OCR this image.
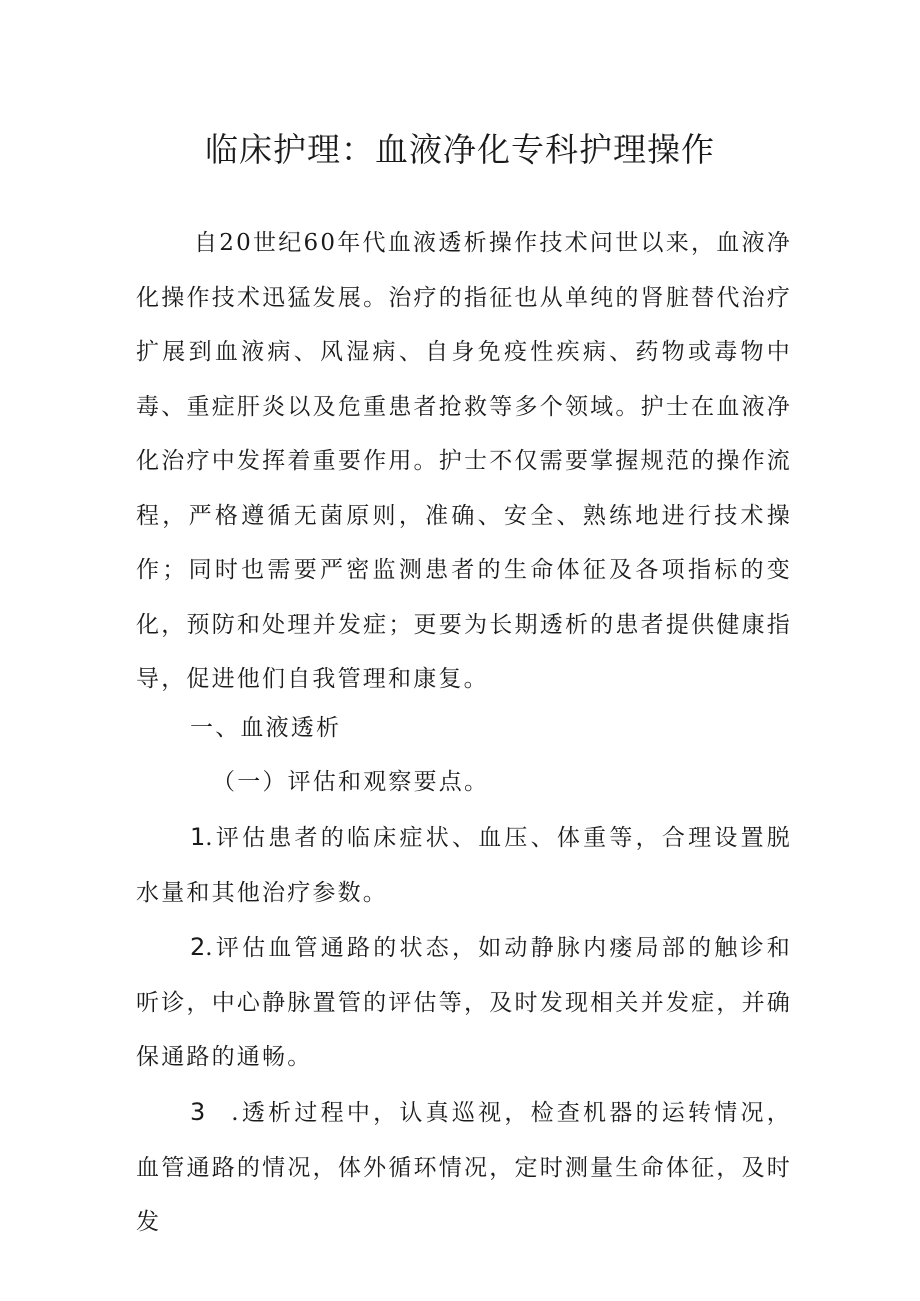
临床护理：血液净化专科护理操作
自20世纪60年代血液透析操作技术问世以来，血液净化操作技术迅猛发展。治疗的指征也从单纯的肾脏替代治疗扩展到血液病、风湿病、自身免疫性疾病、药物或毒物中毒、重症肝炎以及危重患者抢救等多个领域。护士在血液净化治疗中发挥着重要作用。护士不仅需要掌握规范的操作流程，严格遵循无菌原则，准确、安全、熟练地进行技术操作；同时也需要严密监测患者的生命体征及各项指标的变化，预防和处理并发症；更要为长期透析的患者提供健康指导，促进他们自我管理和康复。
一、血液透析
（一）评估和观察要点。
1.评估患者的临床症状、血压、体重等，合理设置脱水量和其他治疗参数。
2.评估血管通路的状态，如动静脉内瘘局部的触诊和听诊，中心静脉置管的评估等，及时发现相关并发症，并确保通路的通畅。
3 .透析过程中，认真巡视，检查机器的运转情况，血管通路的情况，体外循环情况，定时测量生命体征，及时发
